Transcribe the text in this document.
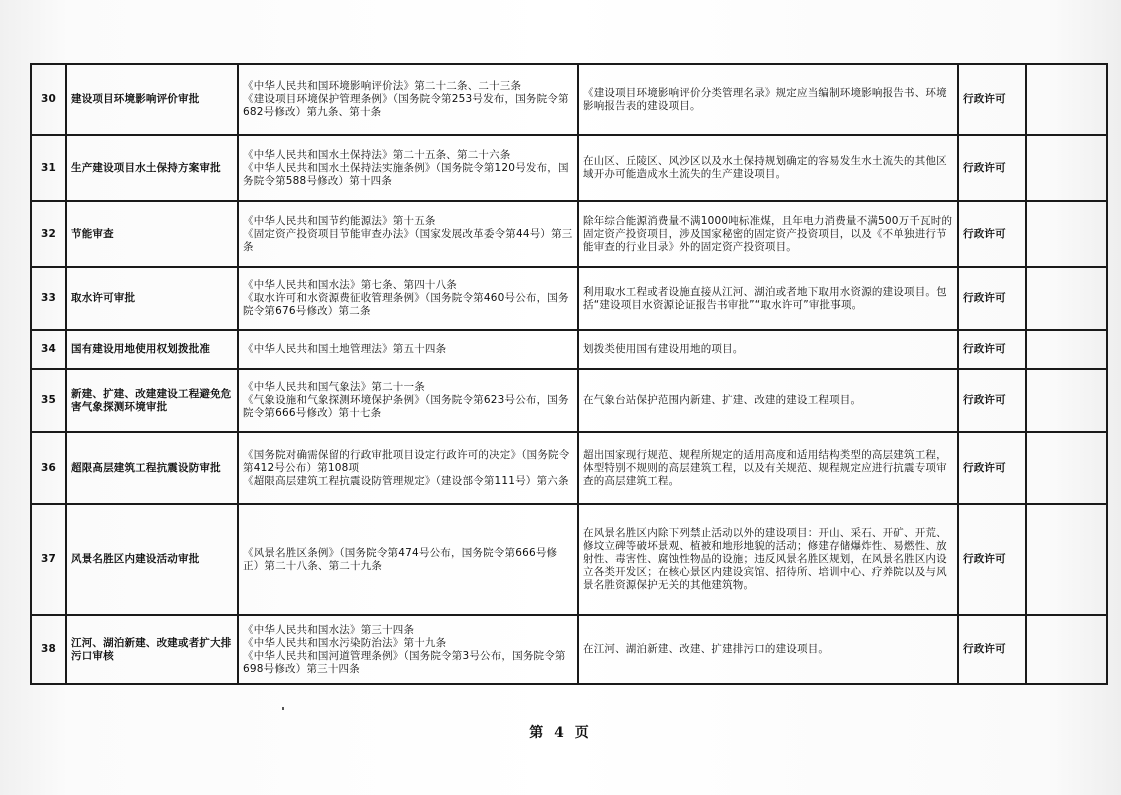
30	建设项目环境影响评价审批	《中华人民共和国环境影响评价法》第二十二条、二十三条
《建设项目环境保护管理条例》（国务院令第253号发布，国务院令第682号修改）第九条、第十条	《建设项目环境影响评价分类管理名录》规定应当编制环境影响报告书、环境影响报告表的建设项目。	行政许可	
31	生产建设项目水土保持方案审批	《中华人民共和国水土保持法》第二十五条、第二十六条
《中华人民共和国水土保持法实施条例》（国务院令第120号发布，国务院令第588号修改）第十四条	在山区、丘陵区、风沙区以及水土保持规划确定的容易发生水土流失的其他区域开办可能造成水土流失的生产建设项目。	行政许可	
32	节能审查	《中华人民共和国节约能源法》第十五条
《固定资产投资项目节能审查办法》（国家发展改革委令第44号）第三条	除年综合能源消费量不满1000吨标准煤，且年电力消费量不满500万千瓦时的固定资产投资项目，涉及国家秘密的固定资产投资项目，以及《不单独进行节能审查的行业目录》外的固定资产投资项目。	行政许可	
33	取水许可审批	《中华人民共和国水法》第七条、第四十八条
《取水许可和水资源费征收管理条例》（国务院令第460号公布，国务院令第676号修改）第二条	利用取水工程或者设施直接从江河、湖泊或者地下取用水资源的建设项目。包括“建设项目水资源论证报告书审批”“取水许可”审批事项。	行政许可	
34	国有建设用地使用权划拨批准	《中华人民共和国土地管理法》第五十四条	划拨类使用国有建设用地的项目。	行政许可	
35	新建、扩建、改建建设工程避免危害气象探测环境审批	《中华人民共和国气象法》第二十一条
《气象设施和气象探测环境保护条例》（国务院令第623号公布，国务院令第666号修改）第十七条	在气象台站保护范围内新建、扩建、改建的建设工程项目。	行政许可	
36	超限高层建筑工程抗震设防审批	《国务院对确需保留的行政审批项目设定行政许可的决定》（国务院令第412号公布）第108项
《超限高层建筑工程抗震设防管理规定》（建设部令第111号）第六条	超出国家现行规范、规程所规定的适用高度和适用结构类型的高层建筑工程，体型特别不规则的高层建筑工程，以及有关规范、规程规定应进行抗震专项审查的高层建筑工程。	行政许可	
37	风景名胜区内建设活动审批	《风景名胜区条例》（国务院令第474号公布，国务院令第666号修正）第二十八条、第二十九条	在风景名胜区内除下列禁止活动以外的建设项目：开山、采石、开矿、开荒、修坟立碑等破坏景观、植被和地形地貌的活动；修建存储爆炸性、易燃性、放射性、毒害性、腐蚀性物品的设施；违反风景名胜区规划，在风景名胜区内设立各类开发区；在核心景区内建设宾馆、招待所、培训中心、疗养院以及与风景名胜资源保护无关的其他建筑物。	行政许可	
38	江河、湖泊新建、改建或者扩大排污口审核	《中华人民共和国水法》第三十四条
《中华人民共和国水污染防治法》第十九条
《中华人民共和国河道管理条例》（国务院令第3号公布，国务院令第698号修改）第三十四条	在江河、湖泊新建、改建、扩建排污口的建设项目。	行政许可	
第 4 页
